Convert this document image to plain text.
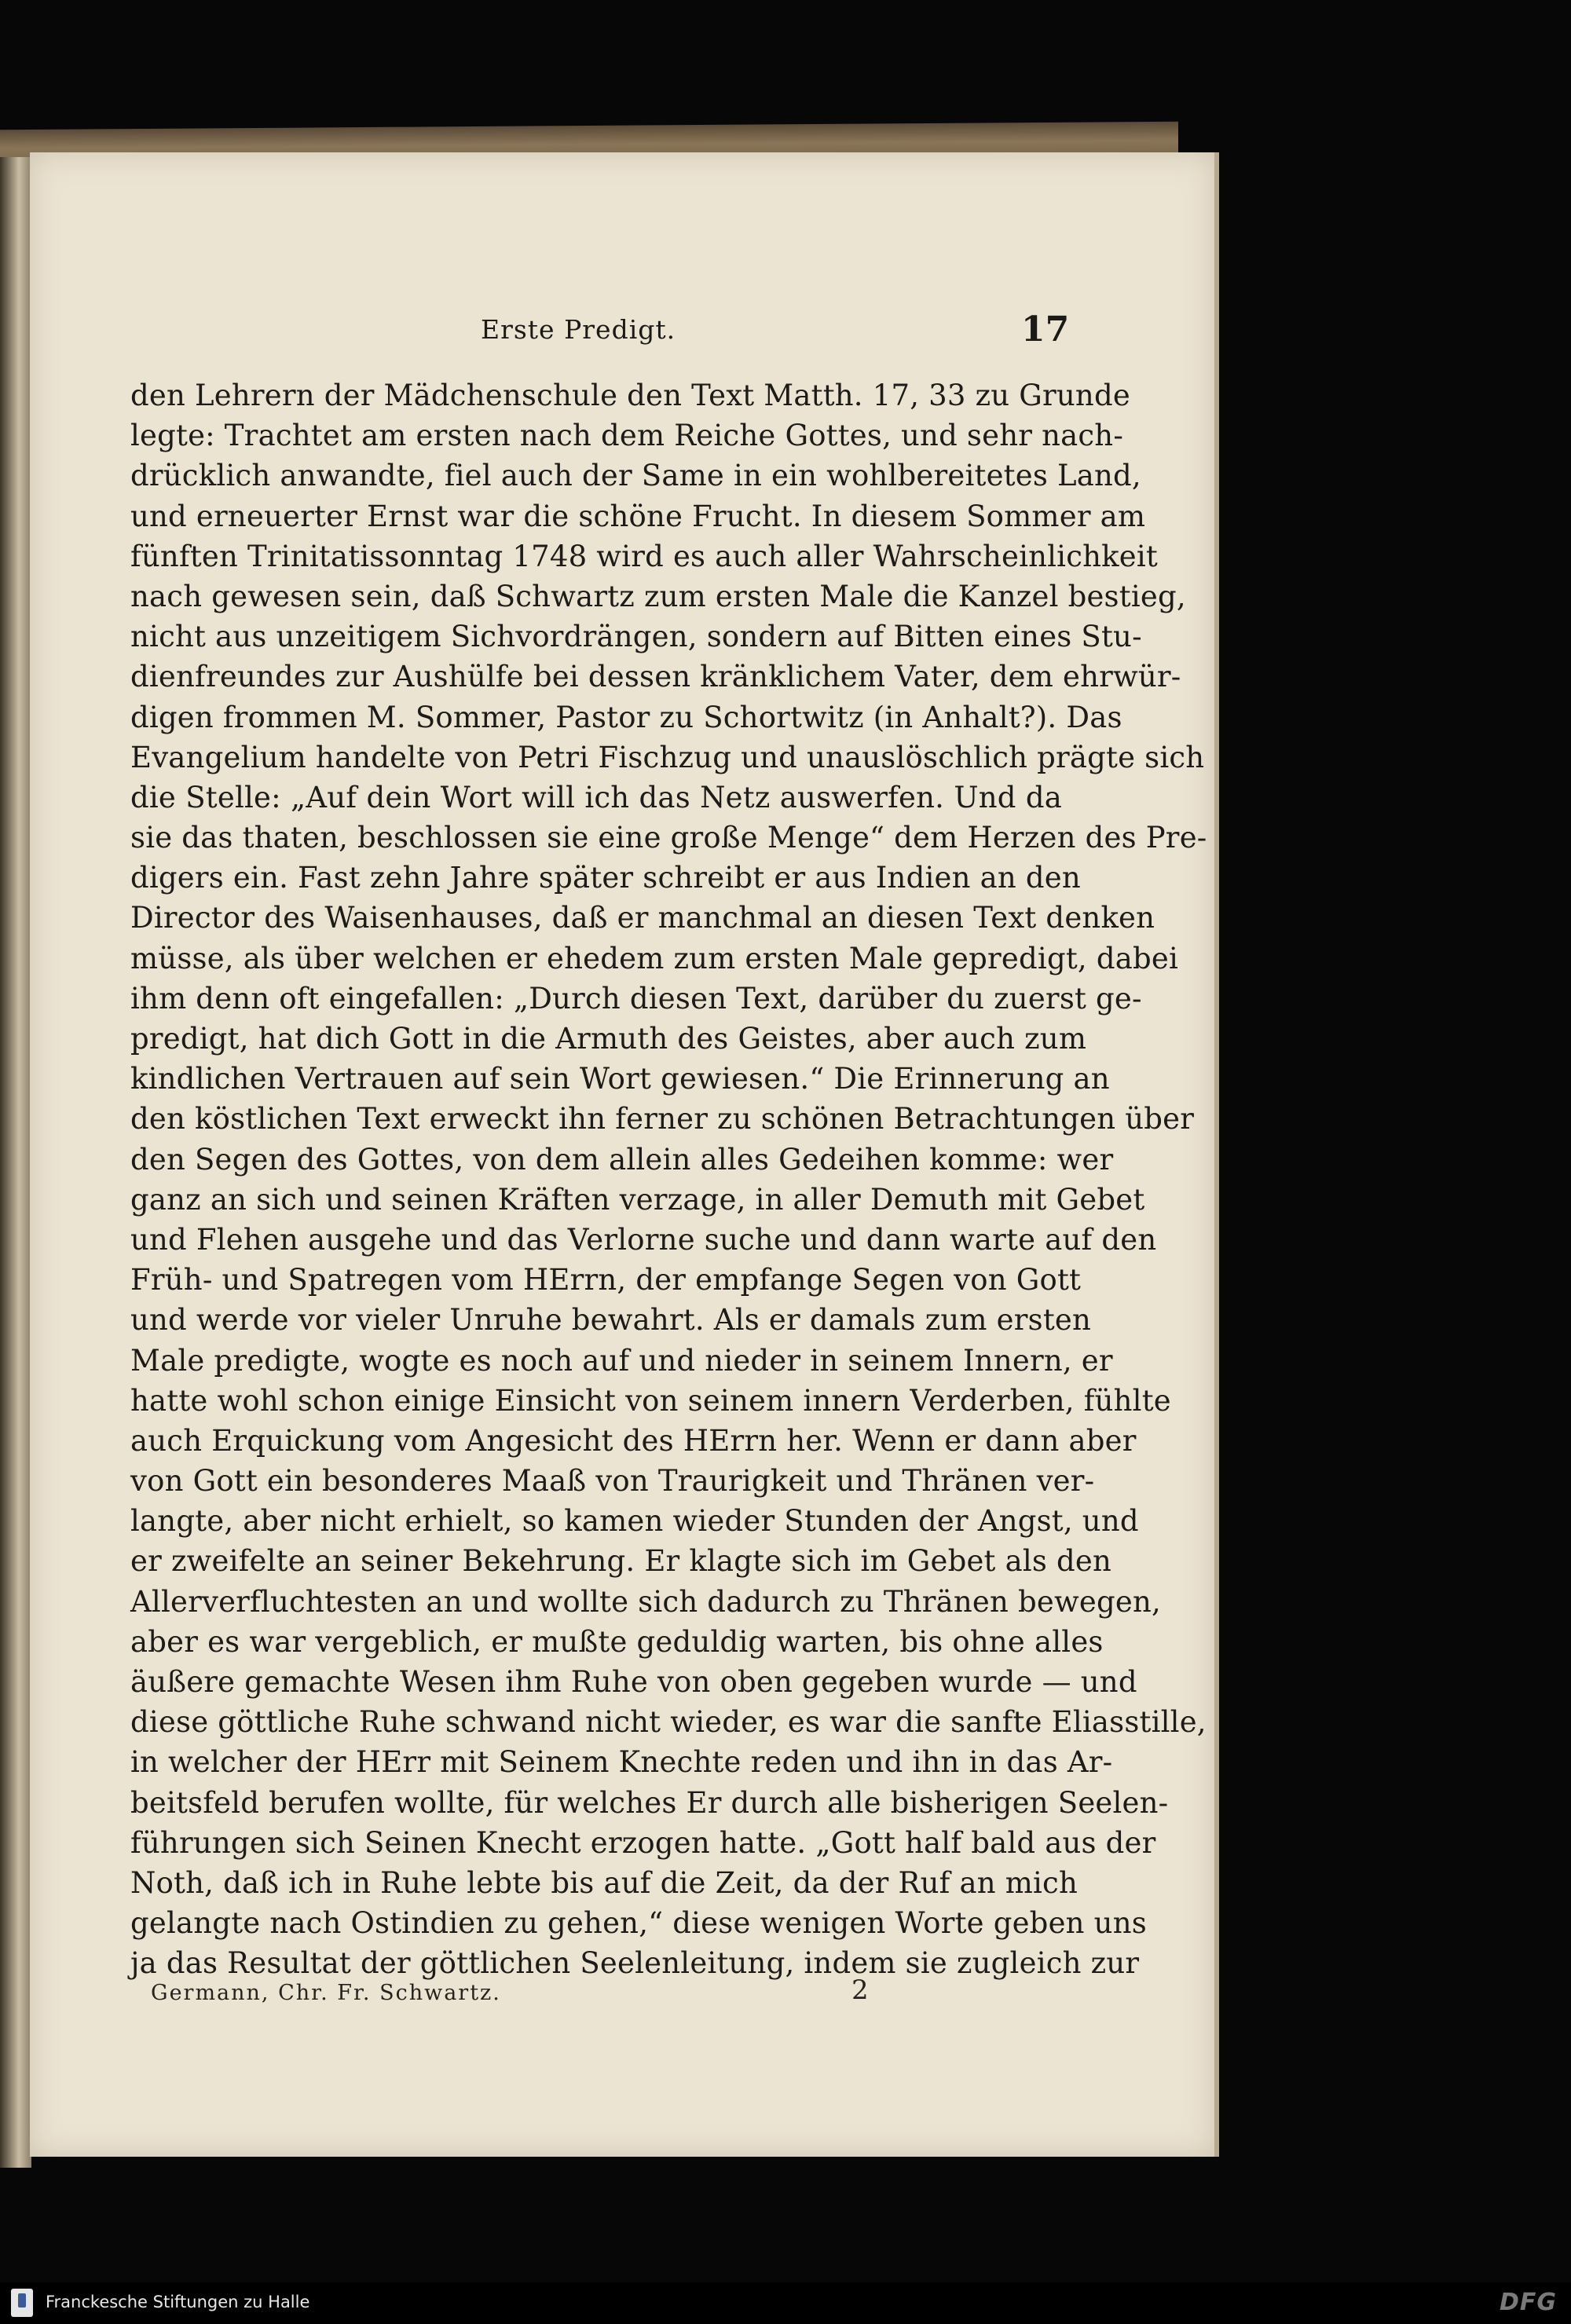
Erste Predigt.	17
den Lehrern der Mädchenschule den Text Matth. 17, 33 zu Grunde
legte: Trachtet am ersten nach dem Reiche Gottes, und sehr nach-
drücklich anwandte, fiel auch der Same in ein wohlbereitetes Land,
und erneuerter Ernst war die schöne Frucht. In diesem Sommer am
fünften Trinitatissonntag 1748 wird es auch aller Wahrscheinlichkeit
nach gewesen sein, daß Schwartz zum ersten Male die Kanzel bestieg,
nicht aus unzeitigem Sichvordrängen, sondern auf Bitten eines Stu-
dienfreundes zur Aushülfe bei dessen kränklichem Vater, dem ehrwür-
digen frommen M. Sommer, Pastor zu Schortwitz (in Anhalt?). Das
Evangelium handelte von Petri Fischzug und unauslöschlich prägte sich
die Stelle: „Auf dein Wort will ich das Netz auswerfen. Und da
sie das thaten, beschlossen sie eine große Menge“ dem Herzen des Pre-
digers ein. Fast zehn Jahre später schreibt er aus Indien an den
Director des Waisenhauses, daß er manchmal an diesen Text denken
müsse, als über welchen er ehedem zum ersten Male gepredigt, dabei
ihm denn oft eingefallen: „Durch diesen Text, darüber du zuerst ge-
predigt, hat dich Gott in die Armuth des Geistes, aber auch zum
kindlichen Vertrauen auf sein Wort gewiesen.“ Die Erinnerung an
den köstlichen Text erweckt ihn ferner zu schönen Betrachtungen über
den Segen des Gottes, von dem allein alles Gedeihen komme: wer
ganz an sich und seinen Kräften verzage, in aller Demuth mit Gebet
und Flehen ausgehe und das Verlorne suche und dann warte auf den
Früh- und Spatregen vom HErrn, der empfange Segen von Gott
und werde vor vieler Unruhe bewahrt. Als er damals zum ersten
Male predigte, wogte es noch auf und nieder in seinem Innern, er
hatte wohl schon einige Einsicht von seinem innern Verderben, fühlte
auch Erquickung vom Angesicht des HErrn her. Wenn er dann aber
von Gott ein besonderes Maaß von Traurigkeit und Thränen ver-
langte, aber nicht erhielt, so kamen wieder Stunden der Angst, und
er zweifelte an seiner Bekehrung. Er klagte sich im Gebet als den
Allerverfluchtesten an und wollte sich dadurch zu Thränen bewegen,
aber es war vergeblich, er mußte geduldig warten, bis ohne alles
äußere gemachte Wesen ihm Ruhe von oben gegeben wurde — und
diese göttliche Ruhe schwand nicht wieder, es war die sanfte Eliasstille,
in welcher der HErr mit Seinem Knechte reden und ihn in das Ar-
beitsfeld berufen wollte, für welches Er durch alle bisherigen Seelen-
führungen sich Seinen Knecht erzogen hatte. „Gott half bald aus der
Noth, daß ich in Ruhe lebte bis auf die Zeit, da der Ruf an mich
gelangte nach Ostindien zu gehen,“ diese wenigen Worte geben uns
ja das Resultat der göttlichen Seelenleitung, indem sie zugleich zur
Germann, Chr. Fr. Schwartz.	2
Franckesche Stiftungen zu Halle	DFG
